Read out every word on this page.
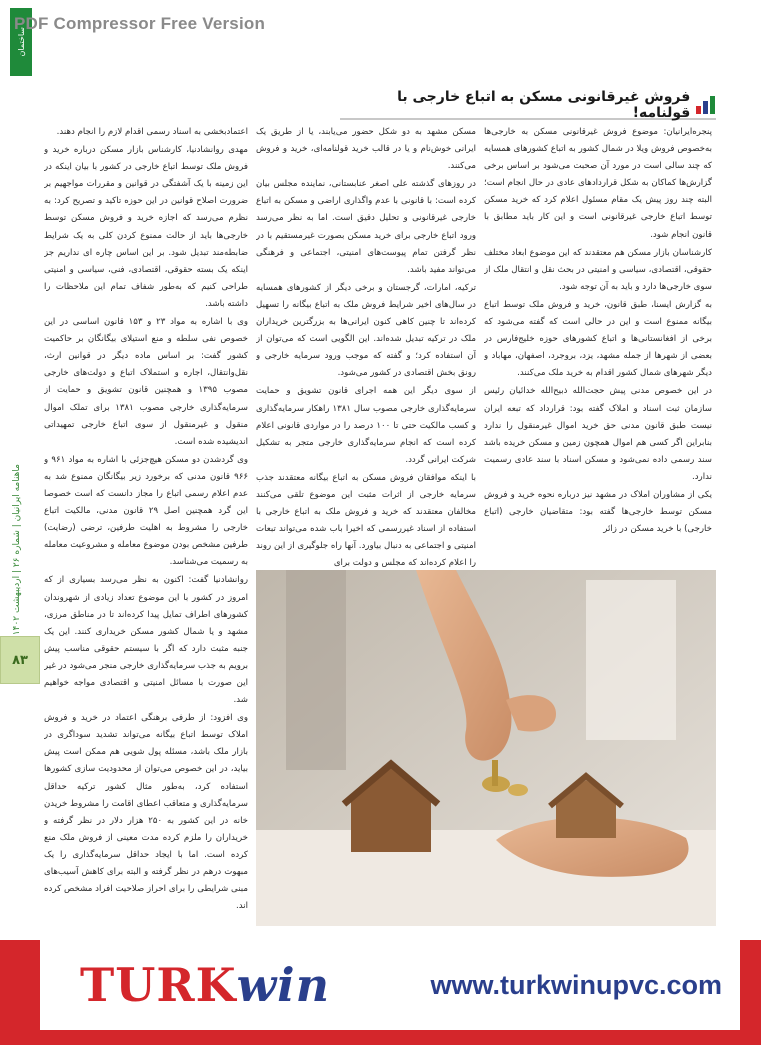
PDF Compressor Free Version
ساختمان
ماهنامه ایرانیان | شماره ۲۶ | اردیبهشت ۱۴۰۲
۸۳
فروش غیرقانونی مسکن به اتباع خارجی با قولنامه!

پنجره‌ایرانیان: موضوع فروش غیرقانونی مسکن به خارجی‌ها به‌خصوص فروش ویلا در شمال کشور به اتباع کشورهای همسایه که چند سالی است در مورد آن صحبت می‌شود بر اساس برخی گزارش‌ها کماکان به شکل قراردادهای عادی در حال انجام است؛ البته چند روز پیش یک مقام مسئول اعلام کرد که خرید مسکن توسط اتباع خارجی غیرقانونی است و این کار باید مطابق با قانون انجام شود.

کارشناسان بازار مسکن هم معتقدند که این موضوع ابعاد مختلف حقوقی، اقتصادی، سیاسی و امنیتی در بحث نقل و انتقال ملک از سوی خارجی‌ها دارد و باید به آن توجه شود.

به گزارش ایسنا، طبق قانون، خرید و فروش ملک توسط اتباع بیگانه ممنوع است و این در حالی است که گفته می‌شود که برخی از افغانستانی‌ها و اتباع کشورهای حوزه خلیج‌فارس در بعضی از شهرها از جمله مشهد، یزد، بروجرد، اصفهان، مهاباد و دیگر شهرهای شمال کشور اقدام به خرید ملک می‌کنند.

در این خصوص مدنی پیش حجت‌الله ذبیح‌الله خدائیان رئیس سازمان ثبت اسناد و املاک گفته بود: قرارداد که تبعه ایران نیست طبق قانون مدنی حق خرید اموال غیرمنقول را ندارد بنابراین اگر کسی هم اموال همچون زمین و مسکن خریده باشد سند رسمی داده نمی‌شود و مسکن اسناد با سند عادی رسمیت ندارد.

یکی از مشاوران املاک در مشهد نیز درباره نحوه خرید و فروش مسکن توسط خارجی‌ها گفته بود: متقاضیان خارجی (اتباع خارجی) با خرید مسکن در زائر

مسکن مشهد به دو شکل حضور می‌یابند، یا از طریق یک ایرانی خوش‌نام و یا در قالب خرید قولنامه‌ای، خرید و فروش می‌کنند.

در روزهای گذشته علی اصغر عنابستانی، نماینده مجلس بیان کرده است: با قانونی با عدم واگذاری اراضی و مسکن به اتباع خارجی غیرقانونی و تحلیل دقیق است. اما به نظر می‌رسد ورود اتباع خارجی برای خرید مسکن بصورت غیرمستقیم با در نظر گرفتن تمام پیوست‌های امنیتی، اجتماعی و فرهنگی می‌تواند مفید باشد.

ترکیه، امارات، گرجستان و برخی دیگر از کشورهای همسایه در سال‌های اخیر شرایط فروش ملک به اتباع بیگانه را تسهیل کرده‌اند تا چنین کاهی کنون ایرانی‌ها به بزرگترین خریداران ملک در ترکیه تبدیل شده‌اند. این الگویی است که می‌توان از آن استفاده کرد؛ و گفته که موجب ورود سرمایه خارجی و رونق بخش اقتصادی در کشور می‌شود.

از سوی دیگر این همه اجرای قانون تشویق و حمایت سرمایه‌گذاری خارجی مصوب سال ۱۳۸۱ راهکار سرمایه‌گذاری و کسب مالکیت حتی تا ۱۰۰ درصد را در مواردی قانونی اعلام کرده است که انجام سرمایه‌گذاری خارجی متجر به تشکیل شرکت ایرانی گردد.

با اینکه موافقان فروش مسکن به اتباع بیگانه معتقدند جذب سرمایه خارجی از اثرات مثبت این موضوع تلقی می‌کنند مخالفان معتقدند که خرید و فروش ملک به اتباع خارجی با استفاده از اسناد غیررسمی که اخیرا باب شده می‌تواند تبعات امنیتی و اجتماعی به دنبال بیاورد. آنها راه جلوگیری از این روند را اعلام کرده‌اند که مجلس و دولت برای

اعتمادبخشی به اسناد رسمی اقدام لازم را انجام دهند.

مهدی روانشادنیا، کارشناس بازار مسکن درباره خرید و فروش ملک توسط اتباع خارجی در کشور با بیان اینکه در این زمینه با یک آشفتگی در قوانین و مقررات مواجهیم بر ضرورت اصلاح قوانین در این حوزه تاکید و تصریح کرد: به نظرم می‌رسد که اجازه خرید و فروش مسکن توسط خارجی‌ها باید از حالت ممنوع کردن کلی به یک شرایط ضابطه‌مند تبدیل شود. بر این اساس چاره ای نداریم جز اینکه یک بسته حقوقی، اقتصادی، فنی، سیاسی و امنیتی طراحی کنیم که به‌طور شفاف تمام این ملاحظات را داشته باشد.

وی با اشاره به مواد ۲۳ و ۱۵۳ قانون اساسی در این خصوص نفی سلطه و منع استیلای بیگانگان بر حاکمیت کشور گفت: بر اساس ماده دیگر در قوانین ارث، نقل‌وانتقال، اجاره و استملاک اتباع و دولت‌های خارجی مصوب ۱۳۹۵ و همچنین قانون تشویق و حمایت از سرمایه‌گذاری خارجی مصوب ۱۳۸۱ برای تملک اموال منقول و غیرمنقول از سوی اتباع خارجی تمهیداتی اندیشیده شده است.

وی گرد‌شدن دو مسکن هیچ‌جزئی با اشاره به مواد ۹۶۱ و ۹۶۶ قانون مدنی که برخورد زیر بیگانگان ممنوع شد به عدم اعلام رسمی اتباع را مجاز دانست که است خصوصا این گرد همچنین اصل ۲۹ قانون مدنی، مالکیت اتباع خارجی را مشروط به اهلیت طرفین، ترضی (رضایت) طرفین مشخص بودن موضوع معامله و مشروعیت معامله به رسمیت می‌شناسد.

روانشادنیا گفت: اکنون به نظر می‌رسد بسیاری از که امروز در کشور با این موضوع تعداد زیادی از شهروندان کشورهای اطراف تمایل پیدا کرده‌اند تا در مناطق مرزی، مشهد و یا شمال کشور مسکن خریداری کنند. این یک جنبه مثبت دارد که اگر با سیستم حقوقی مناسب پیش برویم به جذب سرمایه‌گذاری خارجی منجر می‌شود در غیر این صورت با مسائل امنیتی و اقتصادی مواجه خواهیم شد.

وی افزود: از طرفی برهنگی اعتماد در خرید و فروش املاک توسط اتباع بیگانه می‌تواند تشدید سوداگری در بازار ملک باشد، مسئله پول شویی هم ممکن است پیش بیاید، در این خصوص می‌توان از محدودیت سازی کشورها استفاده کرد، به‌طور مثال کشور ترکیه حداقل سرمایه‌گذاری و متعاقب اعطای اقامت را مشروط خریدن خانه در این کشور به ۲۵۰ هزار دلار در نظر گرفته و خریداران را ملزم کرده مدت معینی از فروش ملک منع کرده است. اما با ایجاد حداقل سرمایه‌گذاری را یک مبهوت درهم در نظر گرفته و البته برای کاهش آسیب‌های مبنی شرایطی را برای احراز صلاحیت افراد مشخص کرده اند.

TURK win	www.turkwinupvc.com
